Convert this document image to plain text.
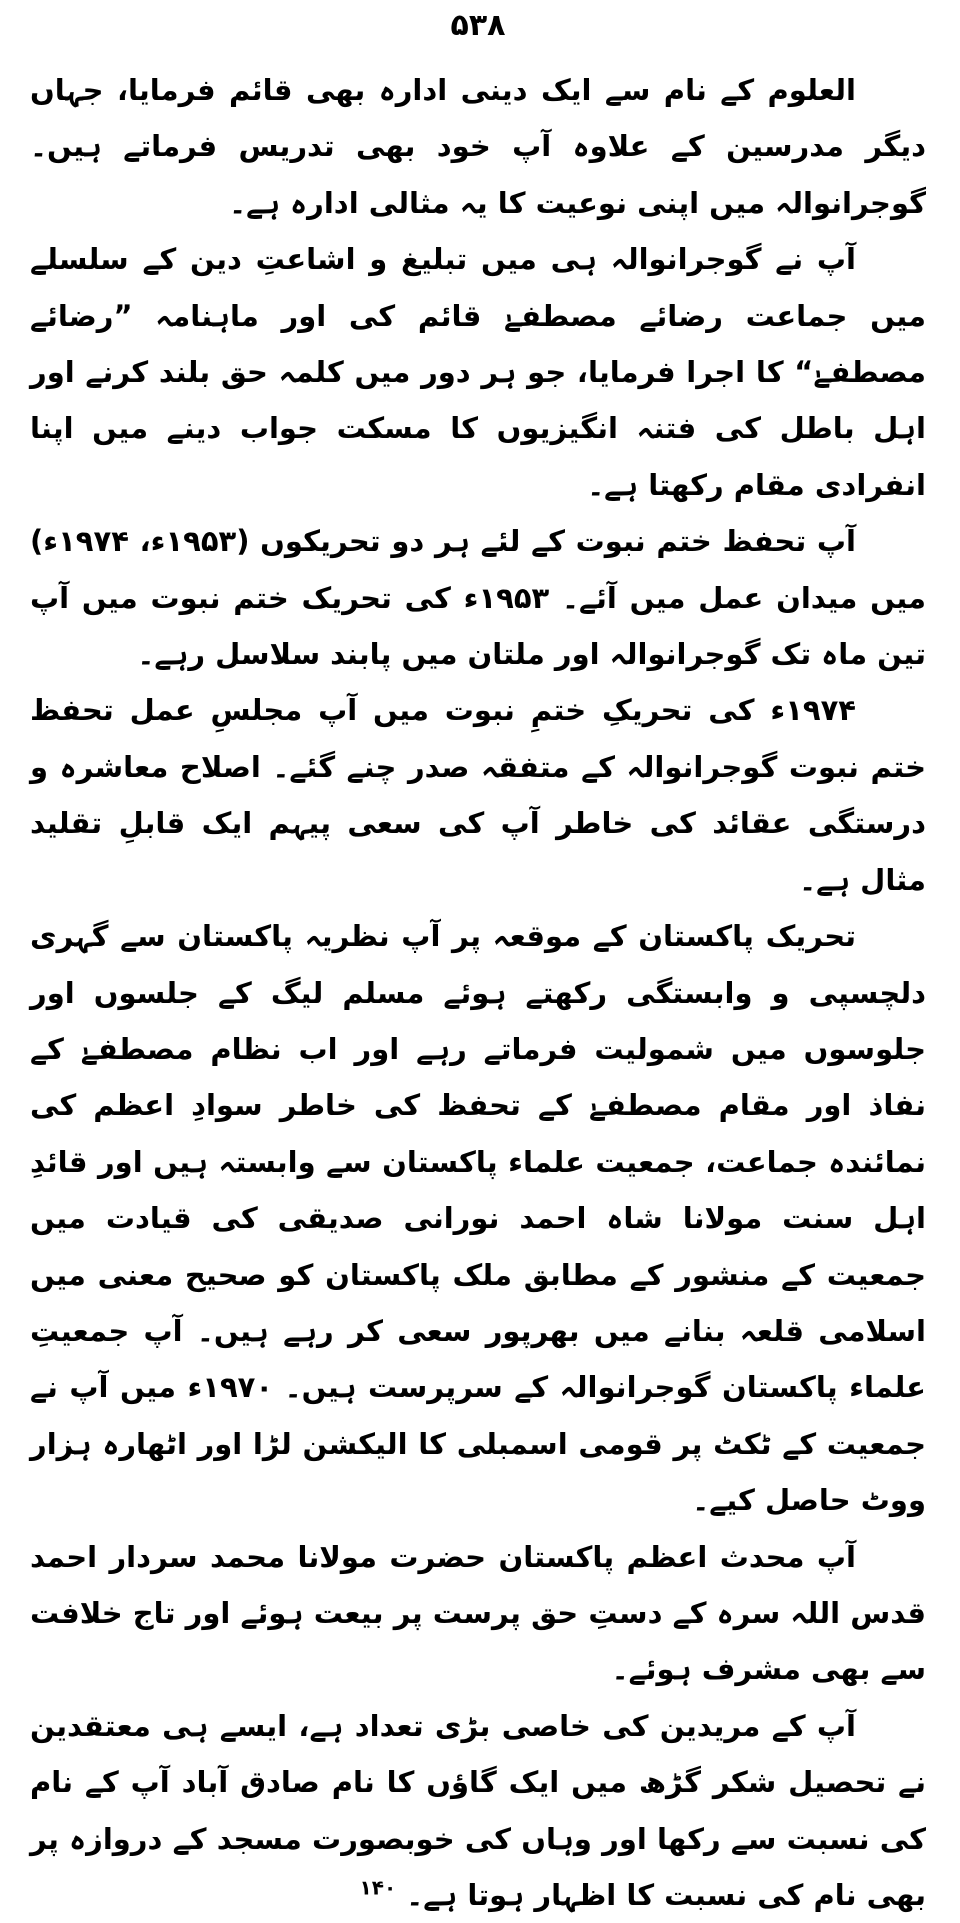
۵۳۸

العلوم کے نام سے ایک دینی ادارہ بھی قائم فرمایا، جہاں دیگر مدرسین کے علاوہ آپ خود بھی تدریس فرماتے ہیں۔ گوجرانوالہ میں اپنی نوعیت کا یہ مثالی ادارہ ہے۔

آپ نے گوجرانوالہ ہی میں تبلیغ و اشاعتِ دین کے سلسلے میں جماعت رضائے مصطفےٰ قائم کی اور ماہنامہ ”رضائے مصطفےٰ“ کا اجرا فرمایا، جو ہر دور میں کلمہ حق بلند کرنے اور اہل باطل کی فتنہ انگیزیوں کا مسکت جواب دینے میں اپنا انفرادی مقام رکھتا ہے۔

آپ تحفظ ختم نبوت کے لئے ہر دو تحریکوں (۱۹۵۳ء، ۱۹۷۴ء) میں میدان عمل میں آئے۔ ۱۹۵۳ء کی تحریک ختم نبوت میں آپ تین ماہ تک گوجرانوالہ اور ملتان میں پابند سلاسل رہے۔

۱۹۷۴ء کی تحریکِ ختمِ نبوت میں آپ مجلسِ عمل تحفظ ختم نبوت گوجرانوالہ کے متفقہ صدر چنے گئے۔ اصلاح معاشرہ و درستگی عقائد کی خاطر آپ کی سعی پیہم ایک قابلِ تقلید مثال ہے۔

تحریک پاکستان کے موقعہ پر آپ نظریہ پاکستان سے گہری دلچسپی و وابستگی رکھتے ہوئے مسلم لیگ کے جلسوں اور جلوسوں میں شمولیت فرماتے رہے اور اب نظام مصطفےٰ کے نفاذ اور مقام مصطفےٰ کے تحفظ کی خاطر سوادِ اعظم کی نمائندہ جماعت، جمعیت علماء پاکستان سے وابستہ ہیں اور قائدِ اہل سنت مولانا شاہ احمد نورانی صدیقی کی قیادت میں جمعیت کے منشور کے مطابق ملک پاکستان کو صحیح معنی میں اسلامی قلعہ بنانے میں بھرپور سعی کر رہے ہیں۔ آپ جمعیتِ علماء پاکستان گوجرانوالہ کے سرپرست ہیں۔ ۱۹۷۰ء میں آپ نے جمعیت کے ٹکٹ پر قومی اسمبلی کا الیکشن لڑا اور اٹھارہ ہزار ووٹ حاصل کیے۔

آپ محدث اعظم پاکستان حضرت مولانا محمد سردار احمد قدس اللہ سرہ کے دستِ حق پرست پر بیعت ہوئے اور تاج خلافت سے بھی مشرف ہوئے۔

آپ کے مریدین کی خاصی بڑی تعداد ہے، ایسے ہی معتقدین نے تحصیل شکر گڑھ میں ایک گاؤں کا نام صادق آباد آپ کے نام کی نسبت سے رکھا اور وہاں کی خوبصورت مسجد کے دروازہ پر بھی نام کی نسبت کا اظہار ہوتا ہے۔ $^{۱۴۰}$
